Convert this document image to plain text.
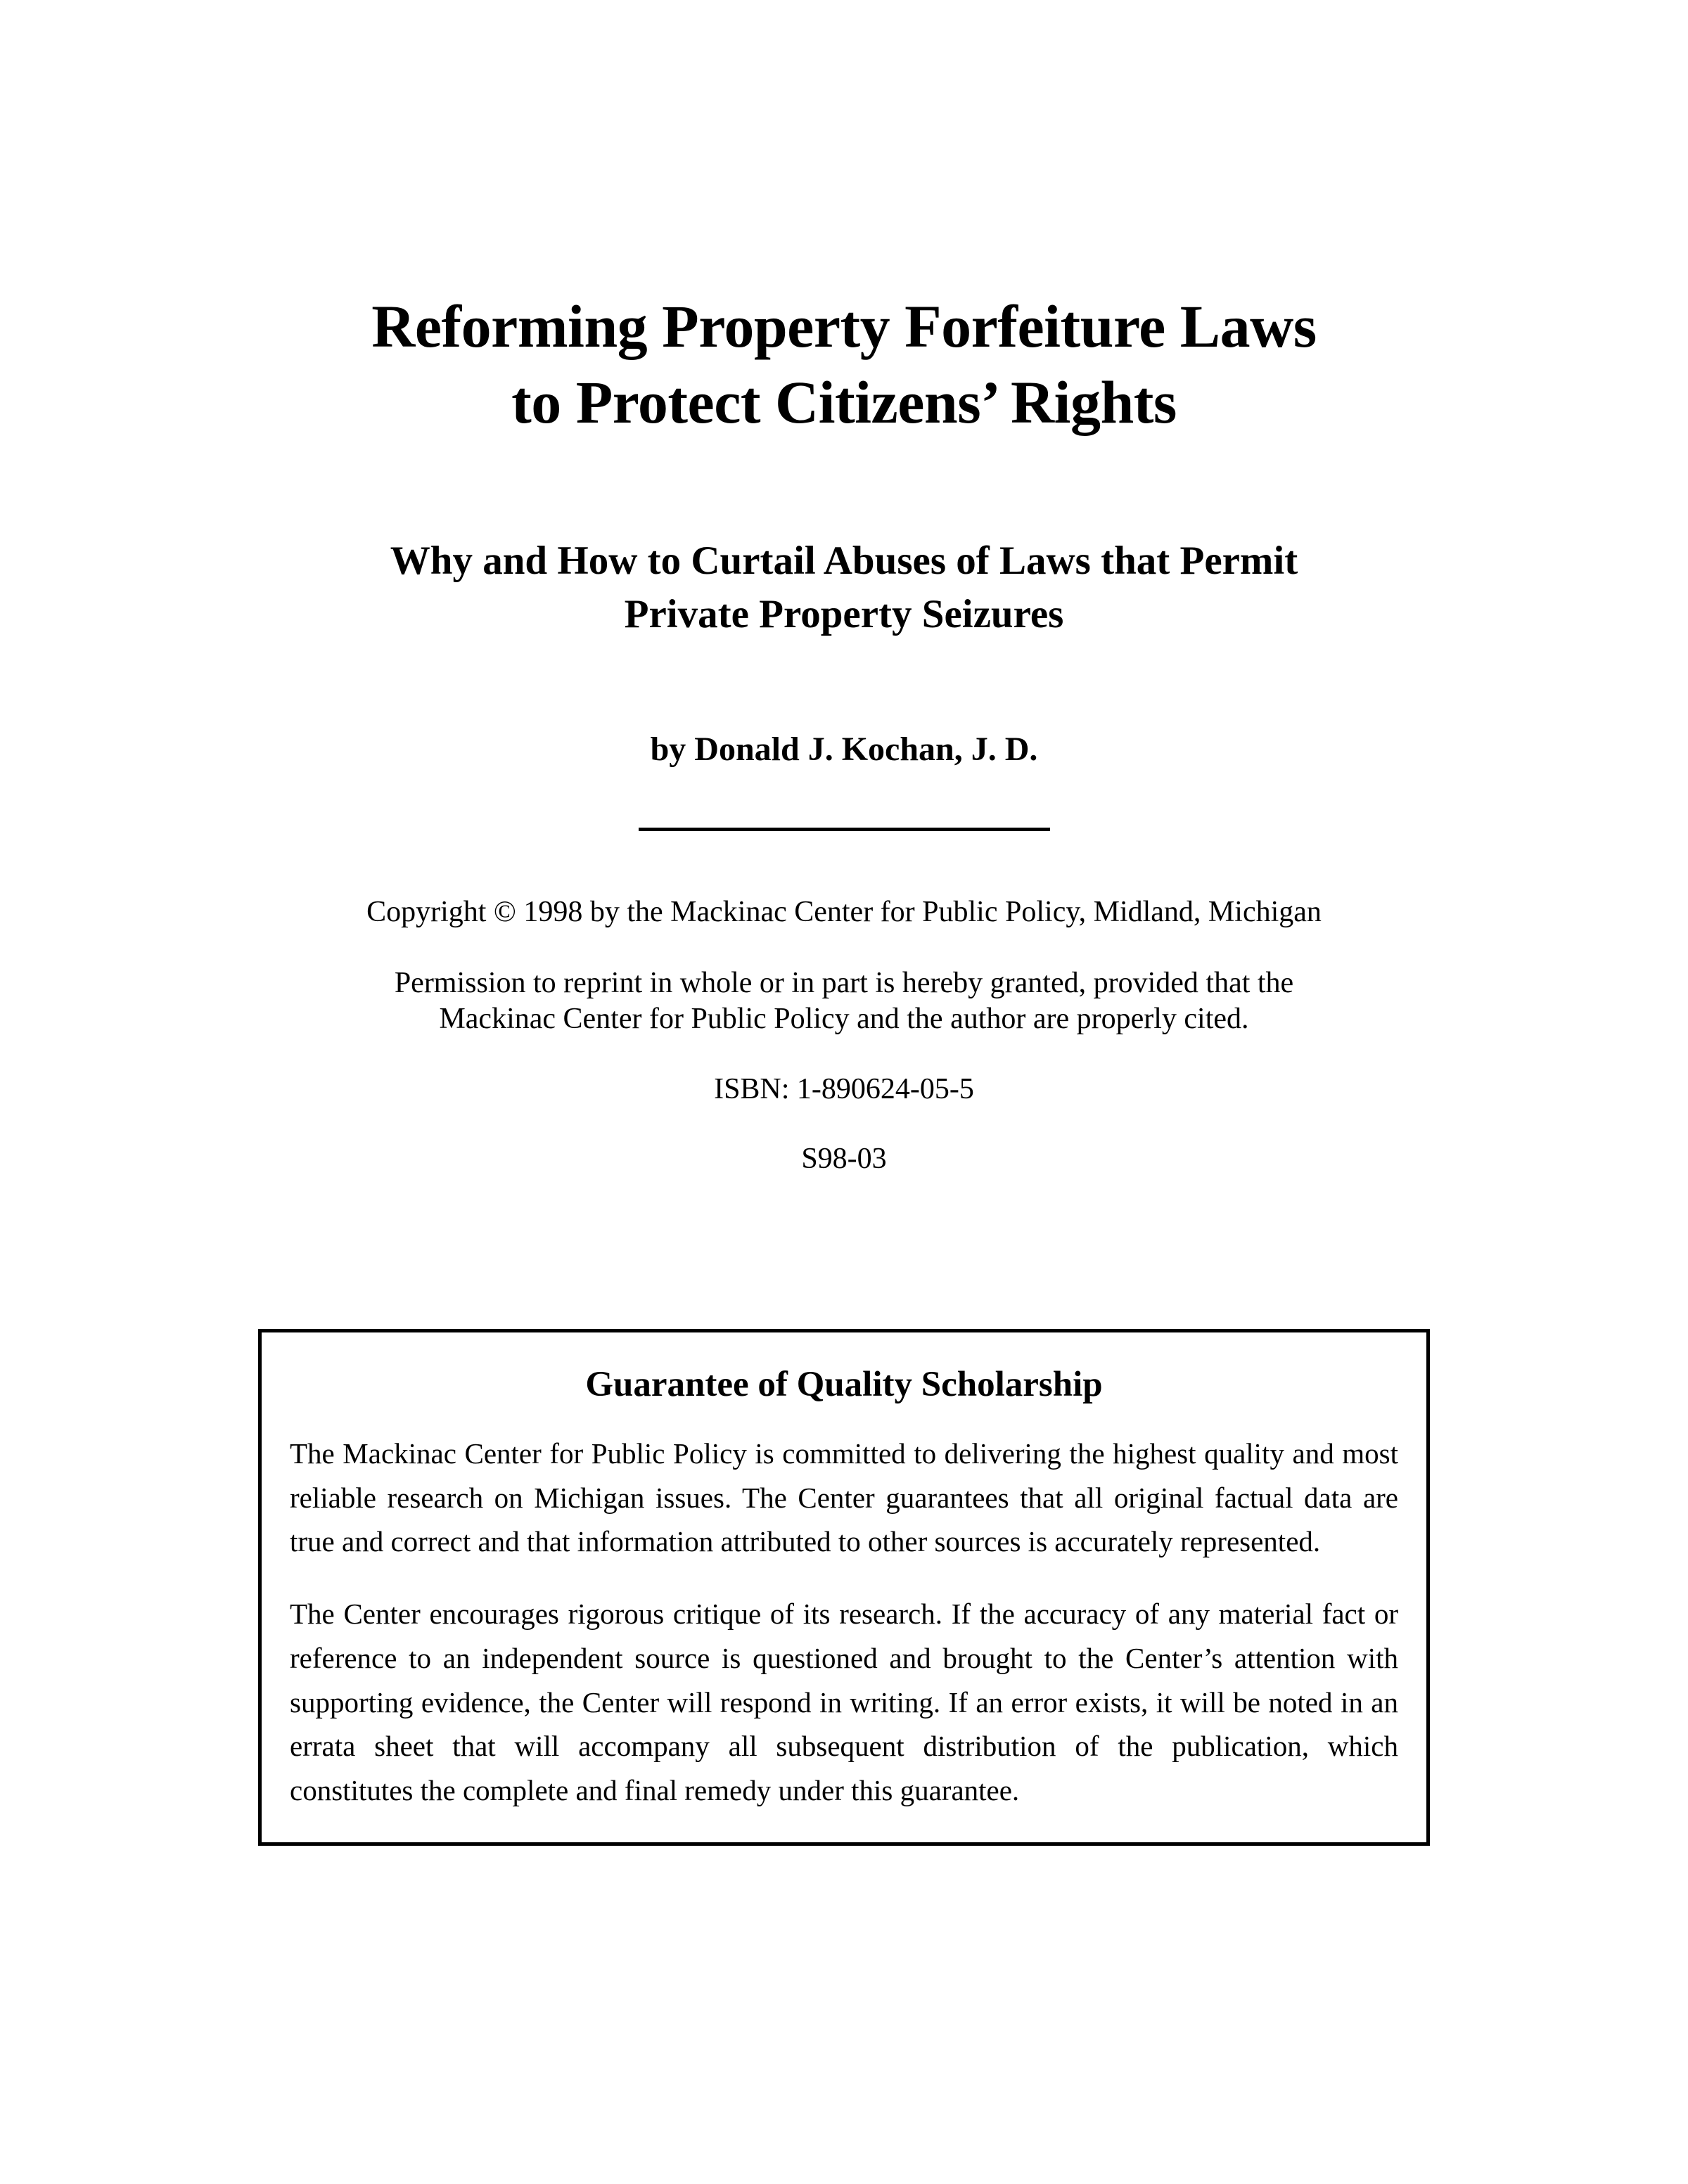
Reforming Property Forfeiture Laws
to Protect Citizens’ Rights
Why and How to Curtail Abuses of Laws that Permit
Private Property Seizures
by Donald J. Kochan, J. D.
Copyright © 1998 by the Mackinac Center for Public Policy, Midland, Michigan
Permission to reprint in whole or in part is hereby granted, provided that the
Mackinac Center for Public Policy and the author are properly cited.
ISBN: 1-890624-05-5
S98-03
Guarantee of Quality Scholarship

The Mackinac Center for Public Policy is committed to delivering the highest quality and most reliable research on Michigan issues. The Center guarantees that all original factual data are true and correct and that information attributed to other sources is accurately represented.

The Center encourages rigorous critique of its research. If the accuracy of any material fact or reference to an independent source is questioned and brought to the Center’s attention with supporting evidence, the Center will respond in writing. If an error exists, it will be noted in an errata sheet that will accompany all subsequent distribution of the publication, which constitutes the complete and final remedy under this guarantee.
